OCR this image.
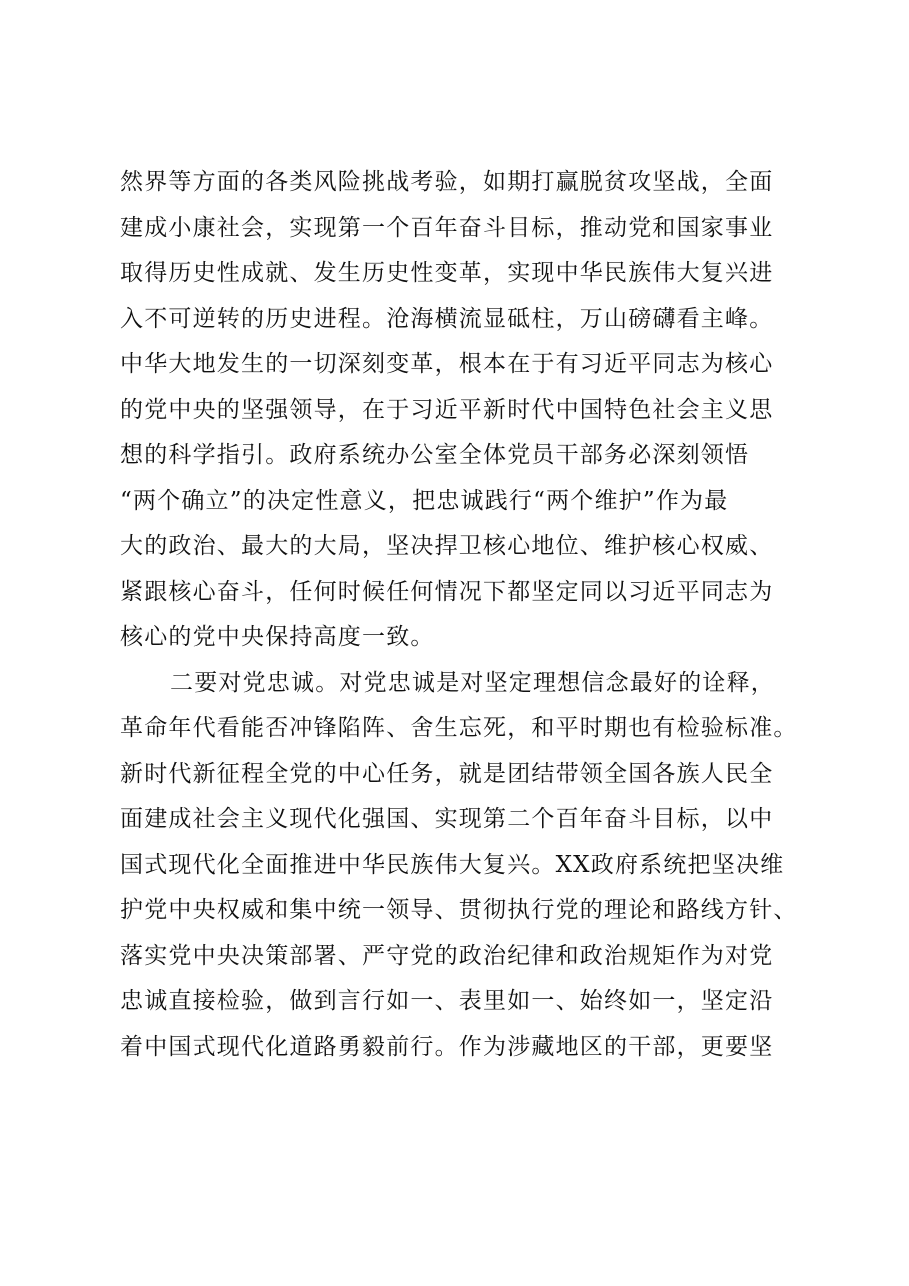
然界等方面的各类风险挑战考验，如期打赢脱贫攻坚战，全面
建成小康社会，实现第一个百年奋斗目标，推动党和国家事业
取得历史性成就、发生历史性变革，实现中华民族伟大复兴进
入不可逆转的历史进程。沧海横流显砥柱，万山磅礴看主峰。
中华大地发生的一切深刻变革，根本在于有习近平同志为核心
的党中央的坚强领导，在于习近平新时代中国特色社会主义思
想的科学指引。政府系统办公室全体党员干部务必深刻领悟
“两个确立”的决定性意义，把忠诚践行“两个维护”作为最
大的政治、最大的大局，坚决捍卫核心地位、维护核心权威、
紧跟核心奋斗，任何时候任何情况下都坚定同以习近平同志为
核心的党中央保持高度一致。
二要对党忠诚。对党忠诚是对坚定理想信念最好的诠释，
革命年代看能否冲锋陷阵、舍生忘死，和平时期也有检验标准。
新时代新征程全党的中心任务，就是团结带领全国各族人民全
面建成社会主义现代化强国、实现第二个百年奋斗目标，以中
国式现代化全面推进中华民族伟大复兴。XX政府系统把坚决维
护党中央权威和集中统一领导、贯彻执行党的理论和路线方针、
落实党中央决策部署、严守党的政治纪律和政治规矩作为对党
忠诚直接检验，做到言行如一、表里如一、始终如一，坚定沿
着中国式现代化道路勇毅前行。作为涉藏地区的干部，更要坚
